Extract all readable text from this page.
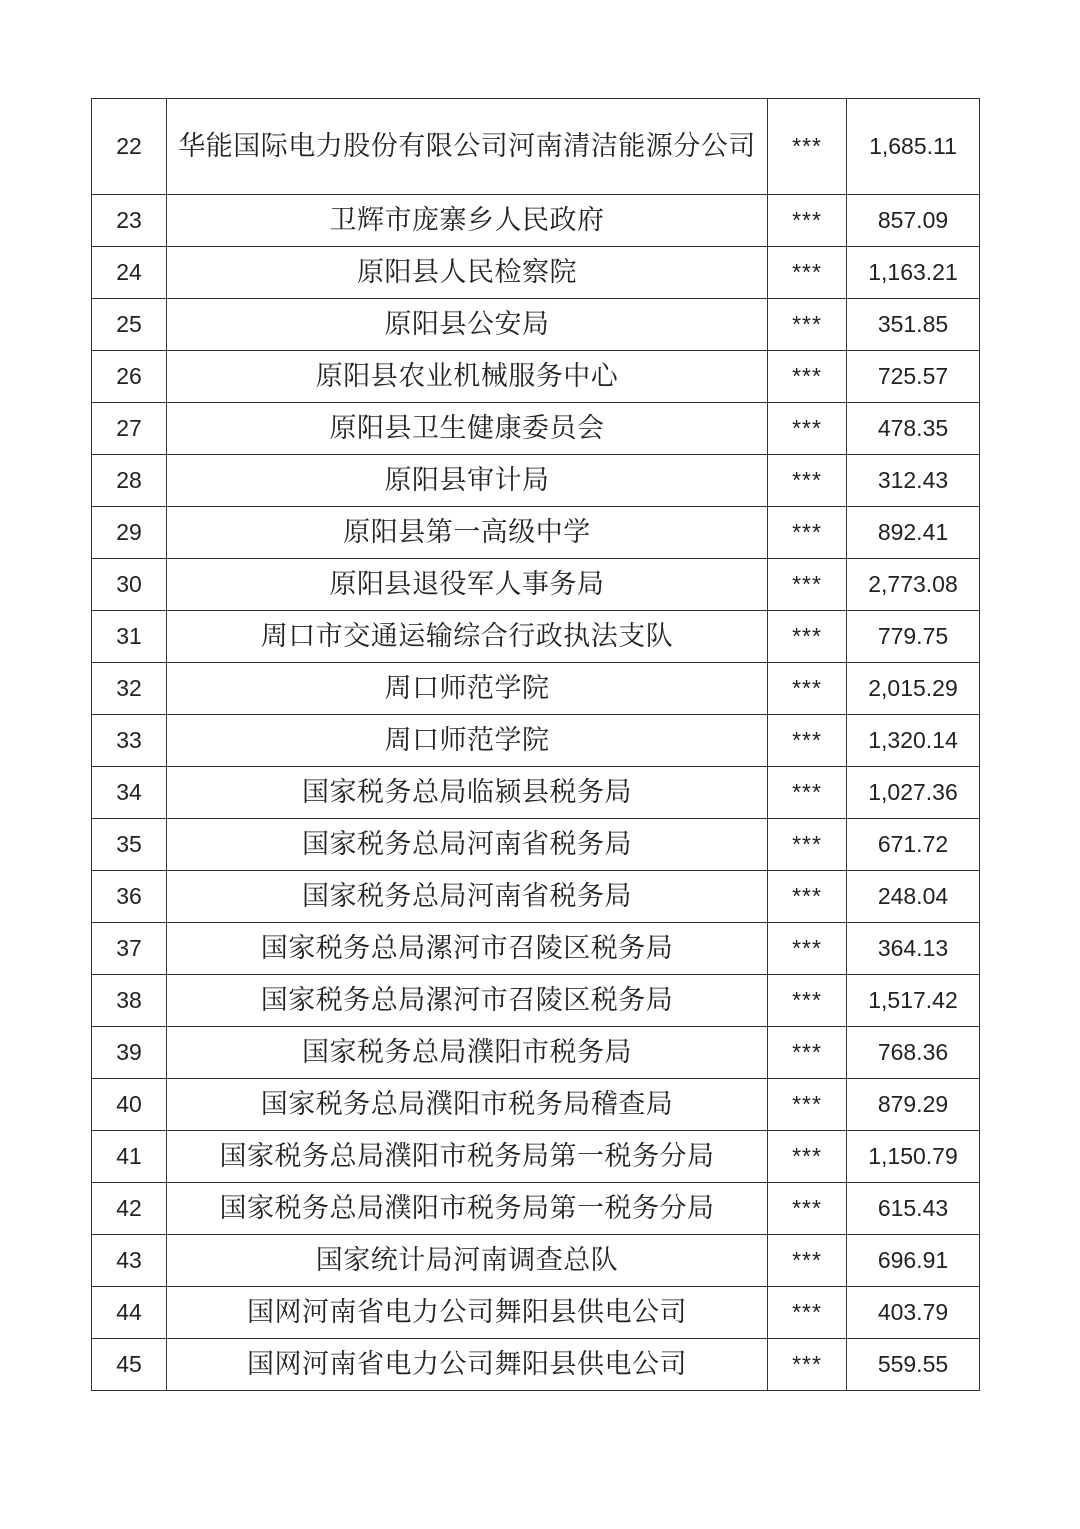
22	华能国际电力股份有限公司河南清洁能源分公司	***	1,685.11
23	卫辉市庞寨乡人民政府	***	857.09
24	原阳县人民检察院	***	1,163.21
25	原阳县公安局	***	351.85
26	原阳县农业机械服务中心	***	725.57
27	原阳县卫生健康委员会	***	478.35
28	原阳县审计局	***	312.43
29	原阳县第一高级中学	***	892.41
30	原阳县退役军人事务局	***	2,773.08
31	周口市交通运输综合行政执法支队	***	779.75
32	周口师范学院	***	2,015.29
33	周口师范学院	***	1,320.14
34	国家税务总局临颍县税务局	***	1,027.36
35	国家税务总局河南省税务局	***	671.72
36	国家税务总局河南省税务局	***	248.04
37	国家税务总局漯河市召陵区税务局	***	364.13
38	国家税务总局漯河市召陵区税务局	***	1,517.42
39	国家税务总局濮阳市税务局	***	768.36
40	国家税务总局濮阳市税务局稽查局	***	879.29
41	国家税务总局濮阳市税务局第一税务分局	***	1,150.79
42	国家税务总局濮阳市税务局第一税务分局	***	615.43
43	国家统计局河南调查总队	***	696.91
44	国网河南省电力公司舞阳县供电公司	***	403.79
45	国网河南省电力公司舞阳县供电公司	***	559.55
